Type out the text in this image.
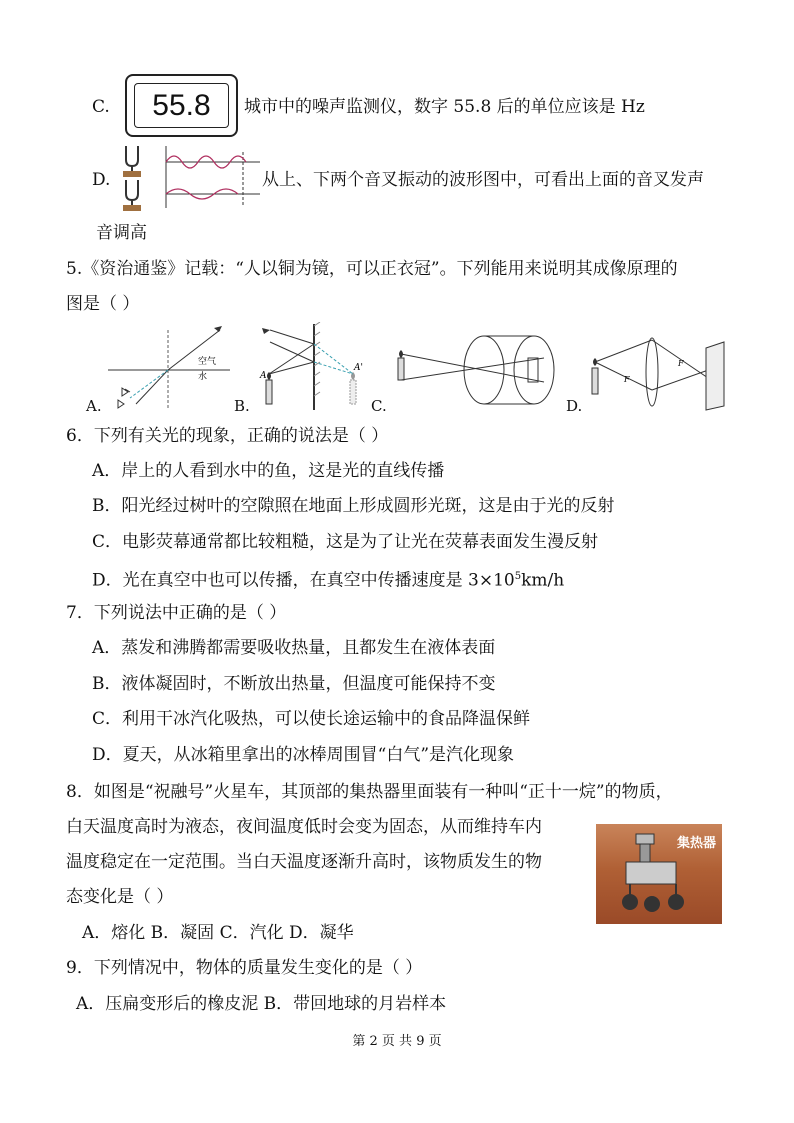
C.	55.8	城市中的噪声监测仪，数字 55.8 后的单位应该是 Hz
D.	从上、下两个音叉振动的波形图中，可看出上面的音叉发声
音调高
5.《资治通鉴》记载：“人以铜为镜，可以正衣冠”。下列能用来说明其成像原理的
图是（ ）
A.
空气
水
B.
A
A'
C.	D.
F
F
6．下列有关光的现象，正确的说法是（ ）
A．岸上的人看到水中的鱼，这是光的直线传播
B．阳光经过树叶的空隙照在地面上形成圆形光斑，这是由于光的反射
C．电影荧幕通常都比较粗糙，这是为了让光在荧幕表面发生漫反射
D．光在真空中也可以传播，在真空中传播速度是 $3\times 10^5km/h$
7．下列说法中正确的是（ ）
A．蒸发和沸腾都需要吸收热量，且都发生在液体表面
B．液体凝固时，不断放出热量，但温度可能保持不变
C．利用干冰汽化吸热，可以使长途运输中的食品降温保鲜
D．夏天，从冰箱里拿出的冰棒周围冒“白气”是汽化现象
8．如图是“祝融号”火星车，其顶部的集热器里面装有一种叫“正十一烷”的物质，
白天温度高时为液态，夜间温度低时会变为固态，从而维持车内
温度稳定在一定范围。当白天温度逐渐升高时，该物质发生的物
态变化是（ ）
A．熔化 B．凝固 C．汽化 D．凝华
集热器
9．下列情况中，物体的质量发生变化的是（ ）
A．压扁变形后的橡皮泥 B．带回地球的月岩样本
第 2 页 共 9 页
